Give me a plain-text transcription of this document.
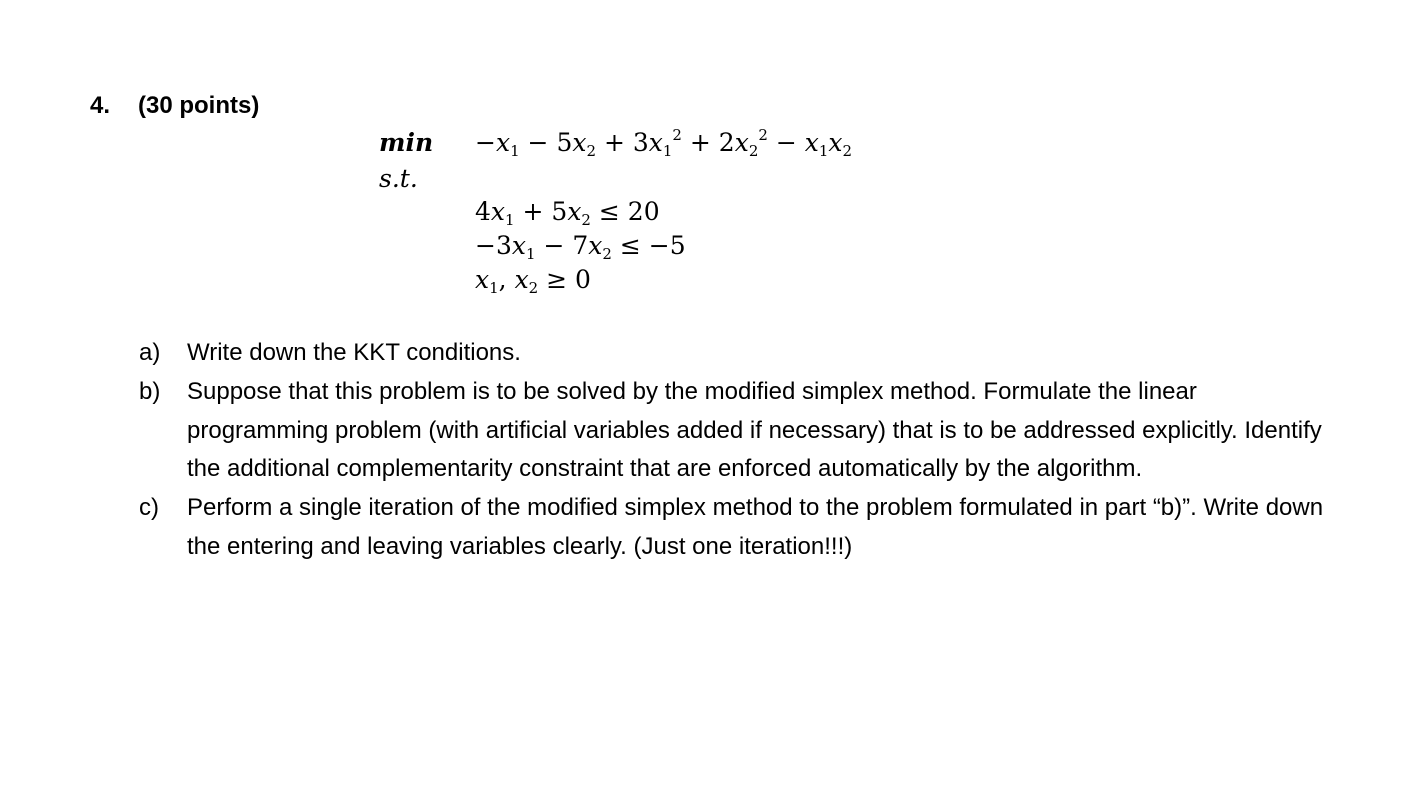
4. (30 points)
min
s.t.
$-x_1 - 5x_2 + 3x_1^2 + 2x_2^2 - x_1x_2$
$4x_1 + 5x_2 \le 20$
$-3x_1 - 7x_2 \le -5$
$x_1$, $x_2 \ge 0$
a)	Write down the KKT conditions.
b)	Suppose that this problem is to be solved by the modified simplex method. Formulate the linear programming problem (with artificial variables added if necessary) that is to be addressed explicitly. Identify the additional complementarity constraint that are enforced automatically by the algorithm.
c)	Perform a single iteration of the modified simplex method to the problem formulated in part “b)”. Write down the entering and leaving variables clearly. (Just one iteration!!!)
